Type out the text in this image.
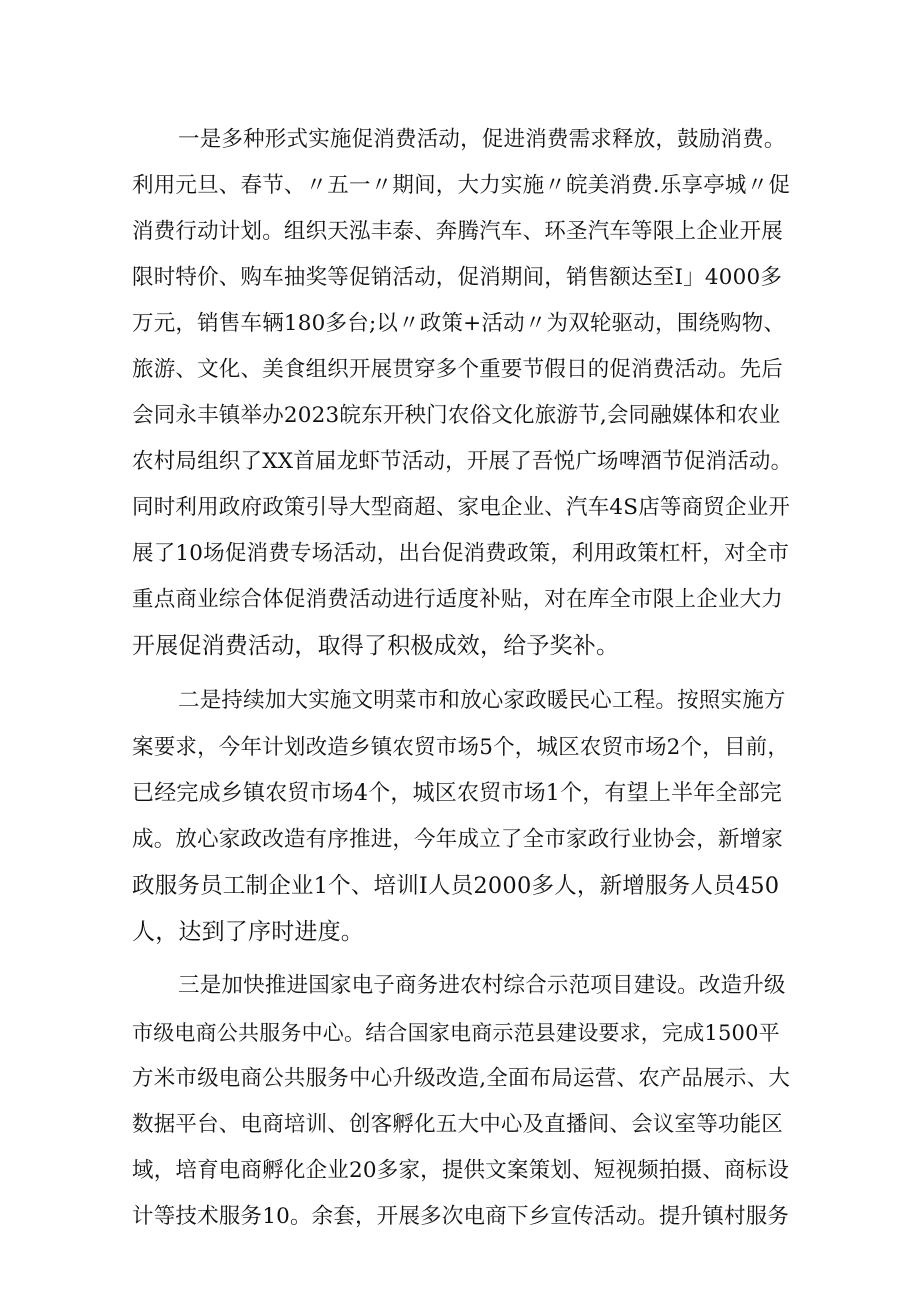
一是多种形式实施促消费活动，促进消费需求释放，鼓励消费。
利用元旦、春节、〃五一〃期间，大力实施〃皖美消费.乐享亭城〃促
消费行动计划。组织天泓丰泰、奔腾汽车、环圣汽车等限上企业开展
限时特价、购车抽奖等促销活动，促消期间，销售额达至I」4000多
万元，销售车辆180多台;以〃政策+活动〃为双轮驱动，围绕购物、
旅游、文化、美食组织开展贯穿多个重要节假日的促消费活动。先后
会同永丰镇举办2023皖东开秧门农俗文化旅游节,会同融媒体和农业
农村局组织了XX首届龙虾节活动，开展了吾悦广场啤酒节促消活动。
同时利用政府政策引导大型商超、家电企业、汽车4S店等商贸企业开
展了10场促消费专场活动，出台促消费政策，利用政策杠杆，对全市
重点商业综合体促消费活动进行适度补贴，对在库全市限上企业大力
开展促消费活动，取得了积极成效，给予奖补。
二是持续加大实施文明菜市和放心家政暖民心工程。按照实施方
案要求，今年计划改造乡镇农贸市场5个，城区农贸市场2个，目前，
已经完成乡镇农贸市场4个，城区农贸市场1个，有望上半年全部完
成。放心家政改造有序推进，今年成立了全市家政行业协会，新增家
政服务员工制企业1个、培训I人员2000多人，新增服务人员450
人，达到了序时进度。
三是加快推进国家电子商务进农村综合示范项目建设。改造升级
市级电商公共服务中心。结合国家电商示范县建设要求，完成1500平
方米市级电商公共服务中心升级改造,全面布局运营、农产品展示、大
数据平台、电商培训、创客孵化五大中心及直播间、会议室等功能区
域，培育电商孵化企业20多家，提供文案策划、短视频拍摄、商标设
计等技术服务10。余套，开展多次电商下乡宣传活动。提升镇村服务
